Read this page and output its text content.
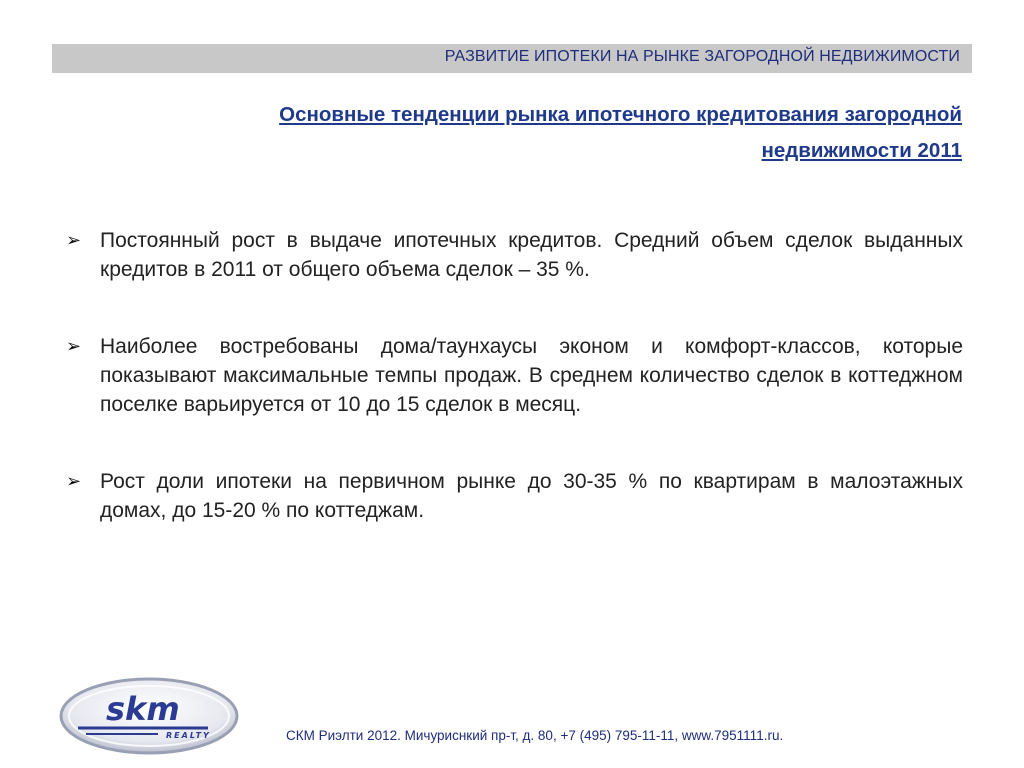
РАЗВИТИЕ ИПОТЕКИ НА РЫНКЕ ЗАГОРОДНОЙ НЕДВИЖИМОСТИ
Основные тенденции рынка ипотечного кредитования загородной
недвижимости 2011
➢ Постоянный рост в выдаче ипотечных кредитов. Средний объем сделок выданных кредитов в 2011 от общего объема сделок – 35 %.
➢ Наиболее востребованы дома/таунхаусы эконом и комфорт-классов, которые показывают максимальные темпы продаж. В среднем количество сделок в коттеджном поселке варьируется от 10 до 15 сделок в месяц.
➢ Рост доли ипотеки на первичном рынке до 30-35 % по квартирам в малоэтажных домах, до 15-20 % по коттеджам.
skm
REALTY	СКМ Риэлти 2012. Мичуриснкий пр-т, д. 80, +7 (495) 795-11-11, www.7951111.ru.
